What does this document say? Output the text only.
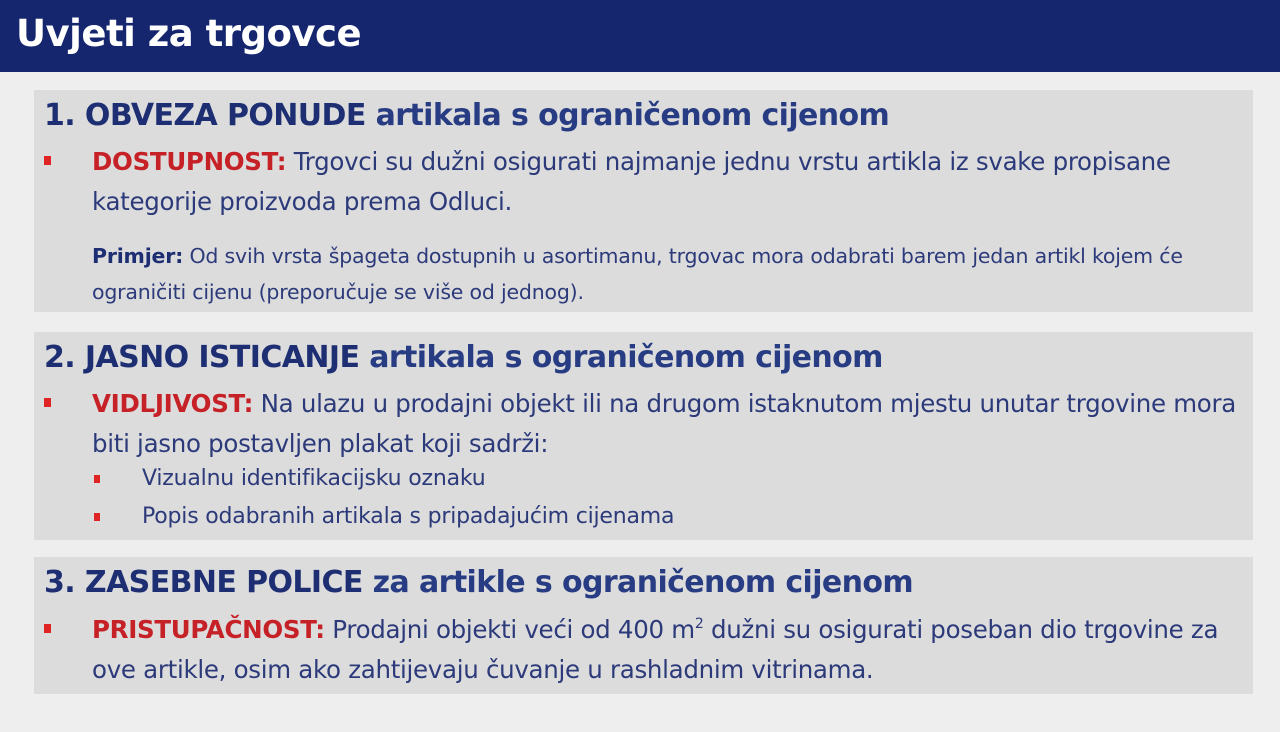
Uvjeti za trgovce
1. OBVEZA PONUDE artikala s ograničenom cijenom
DOSTUPNOST: Trgovci su dužni osigurati najmanje jednu vrstu artikla iz svake propisane kategorije proizvoda prema Odluci.
Primjer: Od svih vrsta špageta dostupnih u asortimanu, trgovac mora odabrati barem jedan artikl kojem će ograničiti cijenu (preporučuje se više od jednog).
2. JASNO ISTICANJE artikala s ograničenom cijenom
VIDLJIVOST: Na ulazu u prodajni objekt ili na drugom istaknutom mjestu unutar trgovine mora biti jasno postavljen plakat koji sadrži:
Vizualnu identifikacijsku oznaku
Popis odabranih artikala s pripadajućim cijenama
3. ZASEBNE POLICE za artikle s ograničenom cijenom
PRISTUPAČNOST: Prodajni objekti veći od 400 $m^2$ dužni su osigurati poseban dio trgovine za ove artikle, osim ako zahtijevaju čuvanje u rashladnim vitrinama.
